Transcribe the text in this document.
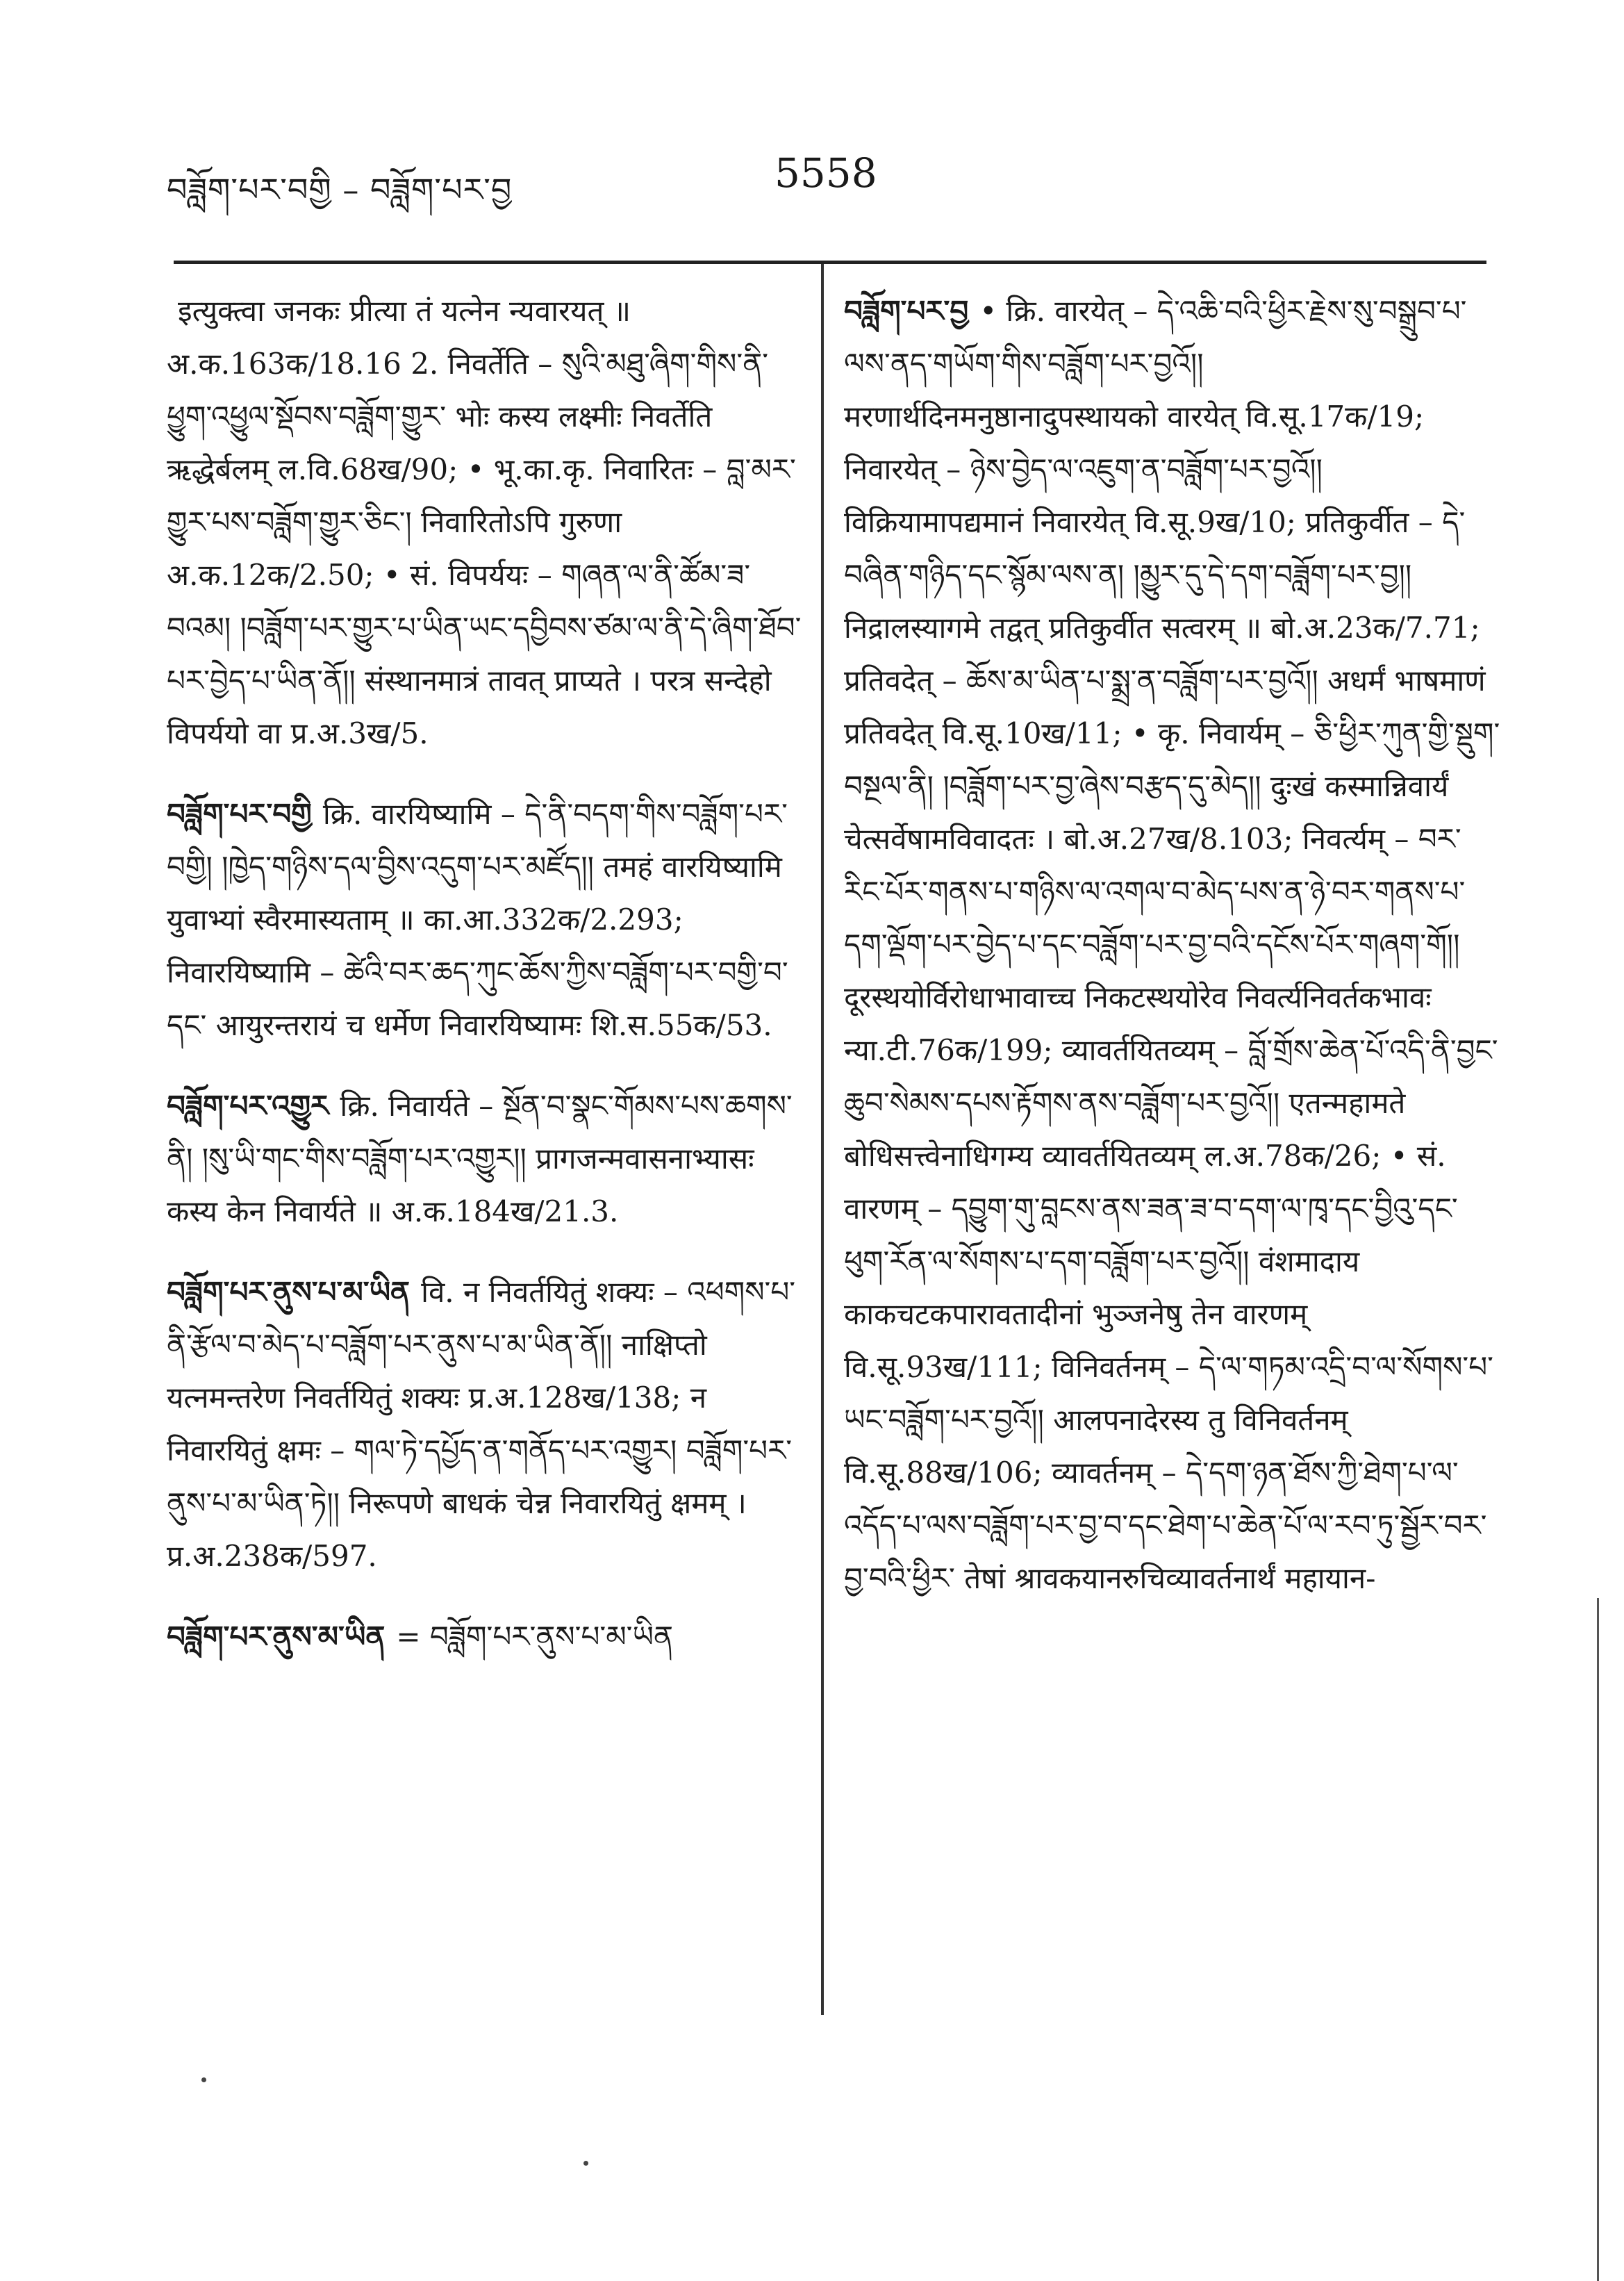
བཟློག་པར་བགྱི – བཟློག་པར་བྱ	5558

इत्युक्त्वा जनकः प्रीत्या तं यत्नेन न्यवारयत् ॥ अ.क.163क/18.16 2. निवर्तेति – སུའི་མཐུ་ཞིག་གིས་ནི་ཕྱུག་འཕྱུལ་སྡོབས་བཟློག་གྱུར་ भोः कस्य लक्ष्मीः निवर्तेति ऋद्धेर्बलम् ल.वि.68ख/90; • भू.का.कृ. निवारितः – བླ་མར་གྱུར་པས་བཟློག་གྱུར་ཅིང་། निवारितोऽपि गुरुणा अ.क.12क/2.50; • सं. विपर्ययः – གཞན་ལ་ནི་ཚོམ་ཟ་བའམ། །བཟློག་པར་གྱུར་པ་ཡིན་ཡང་དབྱིབས་ཙམ་ལ་ནི་དེ་ཞིག་ཐོབ་པར་བྱེད་པ་ཡིན་ནོ།། संस्थानमात्रं तावत् प्राप्यते । परत्र सन्देहो विपर्ययो वा प्र.अ.3ख/5.

བཟློག་པར་བགྱི क्रि. वारयिष्यामि – དེ་ནི་བདག་གིས་བཟློག་པར་བགྱི། །ཁྱེད་གཉིས་དལ་བྱིས་འདུག་པར་མཛོད།། तमहं वारयिष्यामि युवाभ्यां स्वैरमास्यताम् ॥ का.आ.332क/2.293; निवारयिष्यामि – ཚེའི་བར་ཆད་ཀུང་ཆོས་ཀྱིས་བཟློག་པར་བགྱི་བ་དང་ आयुरन्तरायं च धर्मेण निवारयिष्यामः शि.स.55क/53.

བཟློག་པར་འགྱུར क्रि. निवार्यते – སྔོན་བ་སྣང་གོམས་པས་ཆགས་ནི། །སུ་ཡི་གང་གིས་བཟློག་པར་འགྱུར།། प्रागजन्मवासनाभ्यासः कस्य केन निवार्यते ॥ अ.क.184ख/21.3.

བཟློག་པར་ནུས་པ་མ་ཡིན वि. न निवर्तयितुं शक्यः – འཕགས་པ་ནི་རྩོལ་བ་མེད་པ་བཟློག་པར་ནུས་པ་མ་ཡིན་ནོ།། नाक्षिप्तो यत्नमन्तरेण निवर्तयितुं शक्यः प्र.अ.128ख/138; न निवारयितुं क्षमः – གལ་ཏེ་དཔྱོད་ན་གནོད་པར་འགྱུར། བཟློག་པར་ནུས་པ་མ་ཡིན་ཏེ།། निरूपणे बाधकं चेन्न निवारयितुं क्षमम् । प्र.अ.238क/597.

བཟློག་པར་ནུས་མ་ཡིན = བཟློག་པར་ནུས་པ་མ་ཡིན

བཟློག་པར་བྱ • क्रि. वारयेत् – དེ་འཆི་བའི་ཕྱིར་རྗེས་སུ་བསྒྲུབ་པ་ལས་ནད་གཡོག་གིས་བཟློག་པར་བྱའོ།། मरणार्थदिनमनुष्ठानादुपस्थायको वारयेत् वि.सू.17क/19; निवारयेत् – ཉེས་བྱེད་ལ་འཇུག་ན་བཟློག་པར་བྱའོ།། विक्रियामापद्यमानं निवारयेत् वि.सू.9ख/10; प्रतिकुर्वीत – དེ་བཞིན་གཉིད་དང་སྙོམ་ལས་ན། །མྱུར་དུ་དེ་དག་བཟློག་པར་བྱ།། निद्रालस्यागमे तद्वत् प्रतिकुर्वीत सत्वरम् ॥ बो.अ.23क/7.71; प्रतिवदेत् – ཆོས་མ་ཡིན་པ་སྨྲ་ན་བཟློག་པར་བྱའོ།། अधर्मं भाषमाणं प्रतिवदेत् वि.सू.10ख/11; • कृ. निवार्यम् – ཅི་ཕྱིར་ཀུན་གྱི་སྡུག་བསྔལ་ནི། །བཟློག་པར་བྱ་ཞེས་བརྩད་དུ་མེད།། दुःखं कस्मान्निवार्यं चेत्सर्वेषामविवादतः । बो.अ.27ख/8.103; निवर्त्यम् – བར་རིང་པོར་གནས་པ་གཉིས་ལ་འགལ་བ་མེད་པས་ན་ཉེ་བར་གནས་པ་དག་ལྡོག་པར་བྱེད་པ་དང་བཟློག་པར་བྱ་བའི་དངོས་པོར་གཞག་གོ།། दूरस्थयोर्विरोधाभावाच्च निकटस्थयोरेव निवर्त्यनिवर्तकभावः न्या.टी.76क/199; व्यावर्तयितव्यम् – བློ་གྲོས་ཆེན་པོ་འདི་ནི་བྱང་ཆུབ་སེམས་དཔས་རྟོགས་ནས་བཟློག་པར་བྱའོ།། एतन्महामते बोधिसत्त्वेनाधिगम्य व्यावर्तयितव्यम् ल.अ.78क/26; • सं. वारणम् – དབྱུག་གུ་བླངས་ནས་ཟན་ཟ་བ་དག་ལ་ཁྭ་དང་བྱིའུ་དང་ཕུག་རོན་ལ་སོགས་པ་དག་བཟློག་པར་བྱའོ།། वंशमादाय काकचटकपारावतादीनां भुञ्जनेषु तेन वारणम् वि.सू.93ख/111; विनिवर्तनम् – དེ་ལ་གཏམ་འདྲི་བ་ལ་སོགས་པ་ཡང་བཟློག་པར་བྱའོ།། आलपनादेरस्य तु विनिवर्तनम् वि.सू.88ख/106; व्यावर्तनम् – དེ་དག་ཉན་ཐོས་ཀྱི་ཐེག་པ་ལ་འདོད་པ་ལས་བཟློག་པར་བྱ་བ་དང་ཐེག་པ་ཆེན་པོ་ལ་རབ་ཏུ་སྦྱོར་བར་བྱ་བའི་ཕྱིར་ तेषां श्रावकयानरुचिव्यावर्तनार्थं महायान-
